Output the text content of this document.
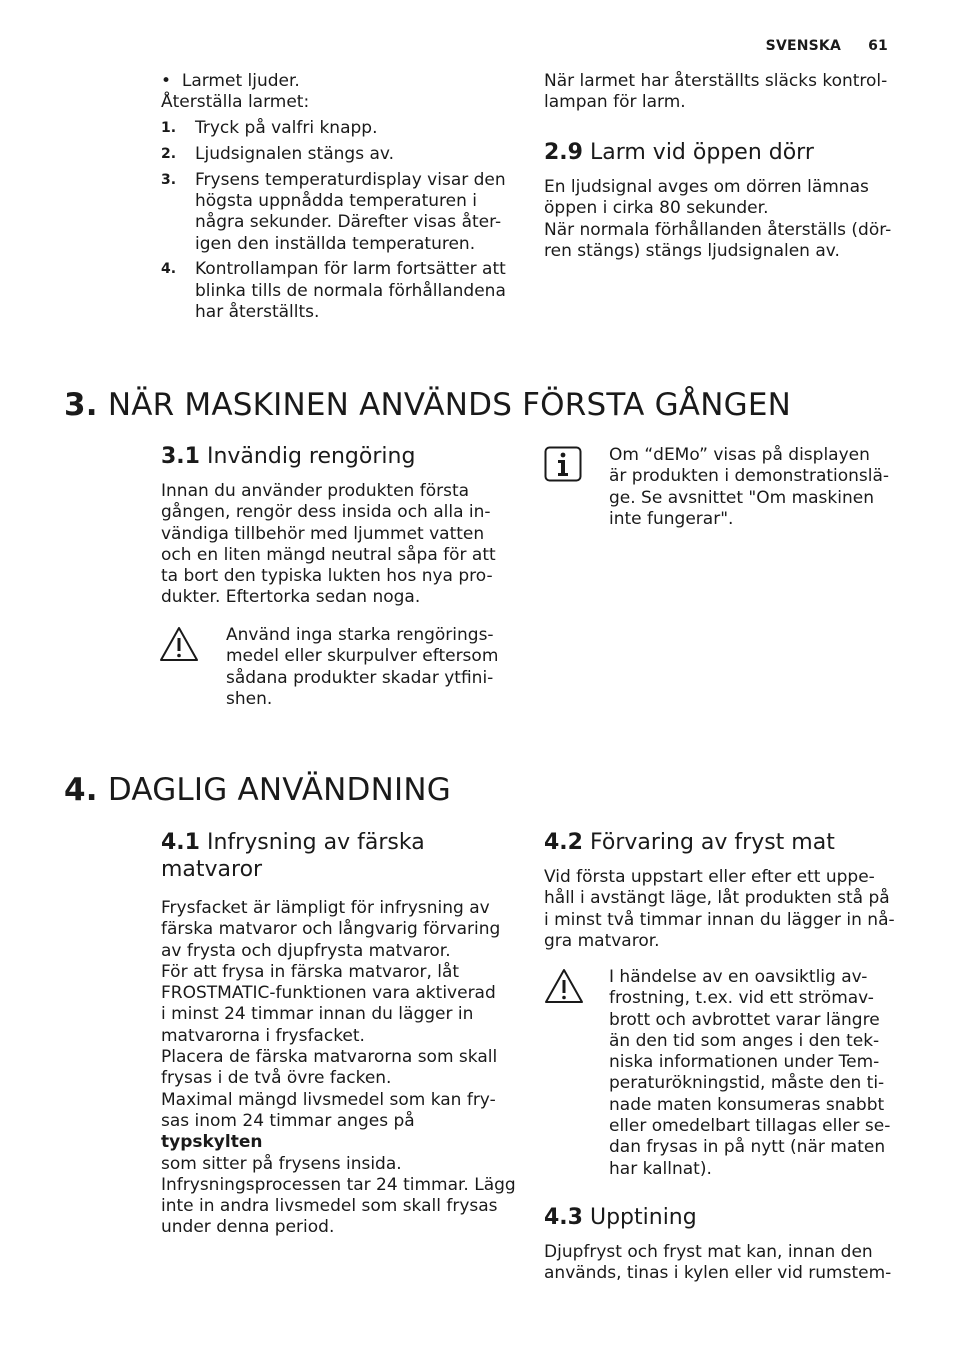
SVENSKA 61

•  Larmet ljuder.

Återställa larmet:

1. Tryck på valfri knapp.

2. Ljudsignalen stängs av.

3. Frysens temperaturdisplay visar den

högsta uppnådda temperaturen i

några sekunder. Därefter visas åter-

igen den inställda temperaturen.

4. Kontrollampan för larm fortsätter att

blinka tills de normala förhållandena

har återställts.

När larmet har återställts släcks kontrol-

lampan för larm.

2.9 Larm vid öppen dörr

En ljudsignal avges om dörren lämnas

öppen i cirka 80 sekunder.

När normala förhållanden återställs (dör-

ren stängs) stängs ljudsignalen av.

3. NÄR MASKINEN ANVÄNDS FÖRSTA GÅNGEN
3.1 Invändig rengöring

Innan du använder produkten första

gången, rengör dess insida och alla in-

vändiga tillbehör med ljummet vatten

och en liten mängd neutral såpa för att

ta bort den typiska lukten hos nya pro-

dukter. Eftertorka sedan noga.

Använd inga starka rengörings-

medel eller skurpulver eftersom

sådana produkter skadar ytfini-

shen.

Om “dEMo” visas på displayen

är produkten i demonstrationslä-

ge. Se avsnittet "Om maskinen

inte fungerar".

4. DAGLIG ANVÄNDNING
4.1 Infrysning av färska
matvaror

Frysfacket är lämpligt för infrysning av

färska matvaror och långvarig förvaring

av frysta och djupfrysta matvaror.

För att frysa in färska matvaror, låt

FROSTMATIC-funktionen vara aktiverad

i minst 24 timmar innan du lägger in

matvarorna i frysfacket.

Placera de färska matvarorna som skall

frysas i de två övre facken.

Maximal mängd livsmedel som kan fry-

sas inom 24 timmar anges på typskylten

som sitter på frysens insida.

Infrysningsprocessen tar 24 timmar. Lägg

inte in andra livsmedel som skall frysas

under denna period.

4.2 Förvaring av fryst mat

Vid första uppstart eller efter ett uppe-

håll i avstängt läge, låt produkten stå på

i minst två timmar innan du lägger in nå-

gra matvaror.

I händelse av en oavsiktlig av-

frostning, t.ex. vid ett strömav-

brott och avbrottet varar längre

än den tid som anges i den tek-

niska informationen under Tem-

peraturökningstid, måste den ti-

nade maten konsumeras snabbt

eller omedelbart tillagas eller se-

dan frysas in på nytt (när maten

har kallnat).

4.3 Upptining

Djupfryst och fryst mat kan, innan den

används, tinas i kylen eller vid rumstem-
